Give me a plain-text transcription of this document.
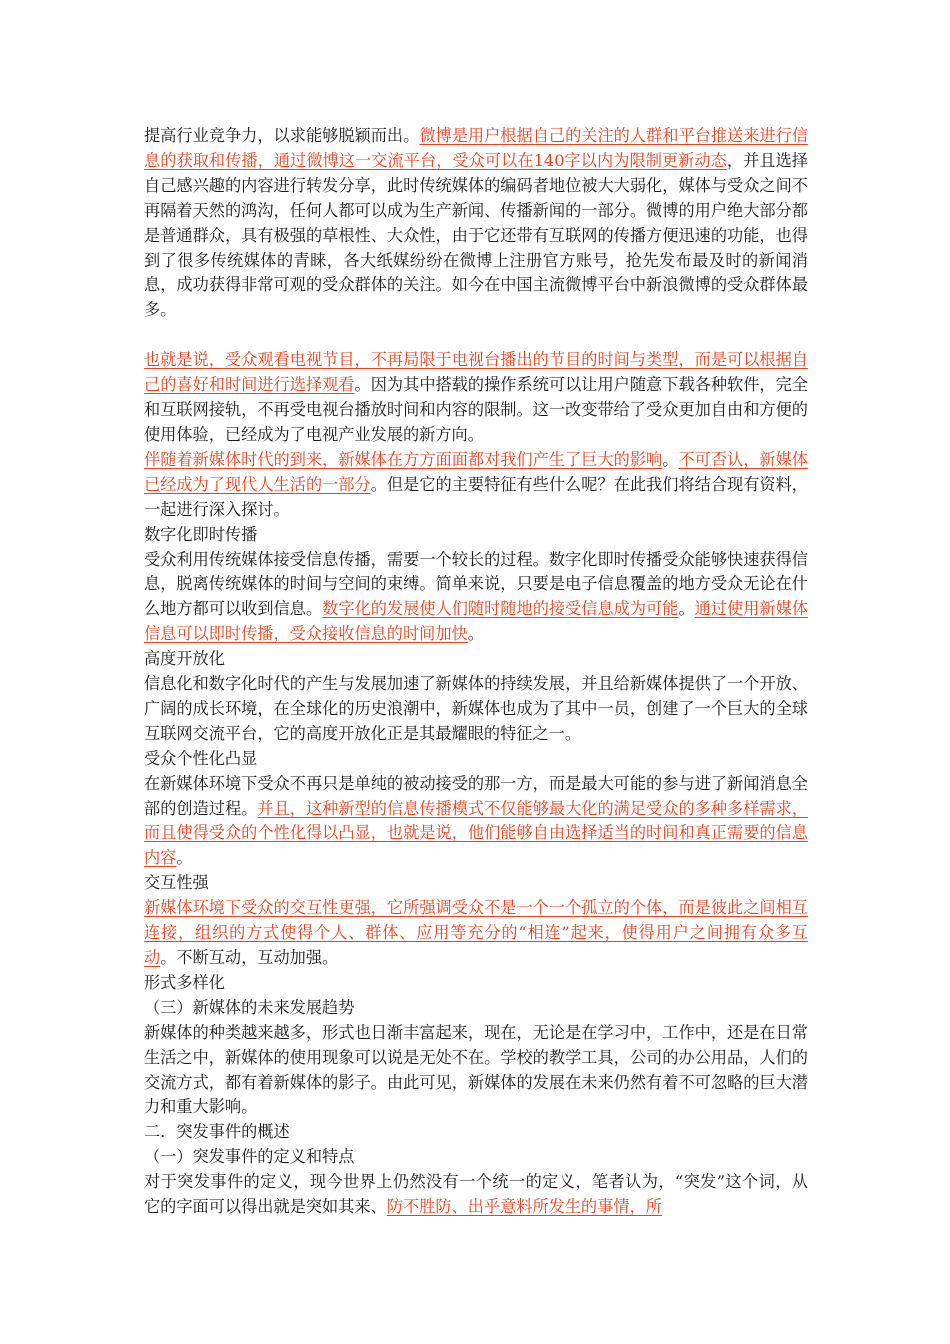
提高行业竞争力，以求能够脱颖而出。微博是用户根据自己的关注的人群和平台推送来进行信息的获取和传播，通过微博这一交流平台，受众可以在140字以内为限制更新动态，并且选择自己感兴趣的内容进行转发分享，此时传统媒体的编码者地位被大大弱化，媒体与受众之间不再隔着天然的鸿沟，任何人都可以成为生产新闻、传播新闻的一部分。微博的用户绝大部分都是普通群众，具有极强的草根性、大众性，由于它还带有互联网的传播方便迅速的功能，也得到了很多传统媒体的青睐，各大纸媒纷纷在微博上注册官方账号，抢先发布最及时的新闻消息，成功获得非常可观的受众群体的关注。如今在中国主流微博平台中新浪微博的受众群体最多。

也就是说，受众观看电视节目，不再局限于电视台播出的节目的时间与类型，而是可以根据自己的喜好和时间进行选择观看。因为其中搭载的操作系统可以让用户随意下载各种软件，完全和互联网接轨，不再受电视台播放时间和内容的限制。这一改变带给了受众更加自由和方便的使用体验，已经成为了电视产业发展的新方向。

伴随着新媒体时代的到来，新媒体在方方面面都对我们产生了巨大的影响。不可否认，新媒体已经成为了现代人生活的一部分。但是它的主要特征有些什么呢？在此我们将结合现有资料，一起进行深入探讨。

数字化即时传播

受众利用传统媒体接受信息传播，需要一个较长的过程。数字化即时传播受众能够快速获得信息，脱离传统媒体的时间与空间的束缚。简单来说，只要是电子信息覆盖的地方受众无论在什么地方都可以收到信息。数字化的发展使人们随时随地的接受信息成为可能。通过使用新媒体信息可以即时传播，受众接收信息的时间加快。

高度开放化

信息化和数字化时代的产生与发展加速了新媒体的持续发展，并且给新媒体提供了一个开放、广阔的成长环境，在全球化的历史浪潮中，新媒体也成为了其中一员，创建了一个巨大的全球互联网交流平台，它的高度开放化正是其最耀眼的特征之一。

受众个性化凸显

在新媒体环境下受众不再只是单纯的被动接受的那一方，而是最大可能的参与进了新闻消息全部的创造过程。并且，这种新型的信息传播模式不仅能够最大化的满足受众的多种多样需求，而且使得受众的个性化得以凸显，也就是说，他们能够自由选择适当的时间和真正需要的信息内容。

交互性强

新媒体环境下受众的交互性更强，它所强调受众不是一个一个孤立的个体，而是彼此之间相互连接，组织的方式使得个人、群体、应用等充分的“相连”起来，使得用户之间拥有众多互动。不断互动，互动加强。

形式多样化

（三）新媒体的未来发展趋势

新媒体的种类越来越多，形式也日渐丰富起来，现在，无论是在学习中，工作中，还是在日常生活之中，新媒体的使用现象可以说是无处不在。学校的教学工具，公司的办公用品，人们的交流方式，都有着新媒体的影子。由此可见，新媒体的发展在未来仍然有着不可忽略的巨大潜力和重大影响。

二．突发事件的概述

（一）突发事件的定义和特点

对于突发事件的定义，现今世界上仍然没有一个统一的定义，笔者认为，“突发”这个词，从它的字面可以得出就是突如其来、防不胜防、出乎意料所发生的事情，所
